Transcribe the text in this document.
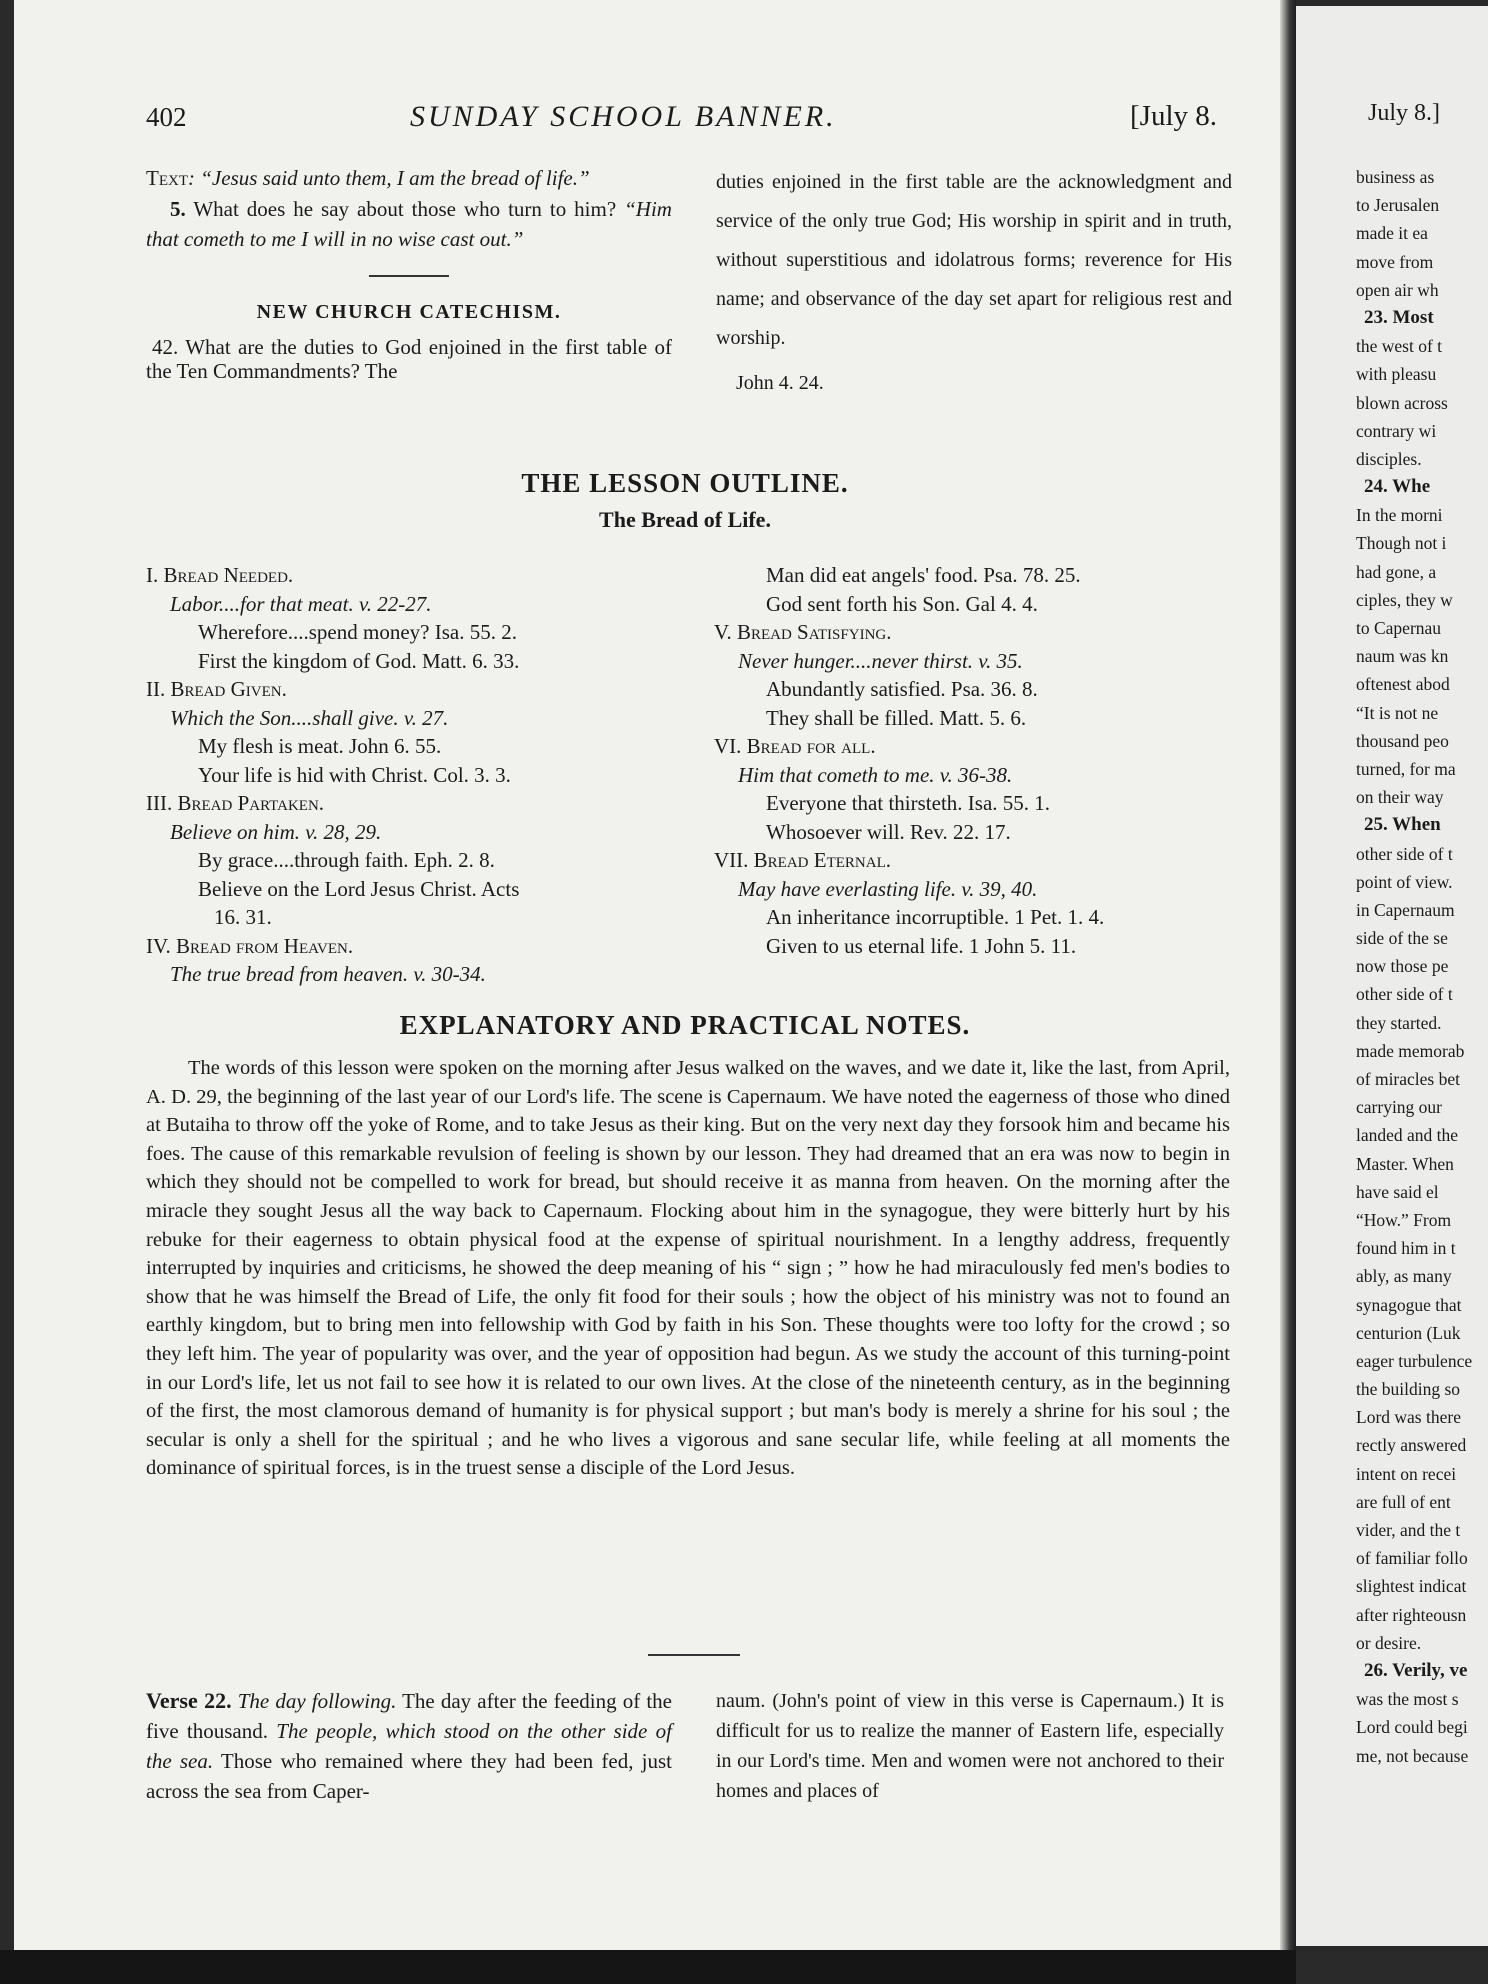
402	SUNDAY SCHOOL BANNER.	[July 8.
Text: “Jesus said unto them, I am the bread of life.”
5. What does he say about those who turn to him? “Him that cometh to me I will in no wise cast out.”
NEW CHURCH CATECHISM.
42. What are the duties to God enjoined in the first table of the Ten Commandments? The
duties enjoined in the first table are the acknowledgment and service of the only true God; His worship in spirit and in truth, without superstitious and idolatrous forms; reverence for His name; and observance of the day set apart for religious rest and worship.
John 4. 24.
THE LESSON OUTLINE.
The Bread of Life.
I. Bread Needed.
Labor....for that meat. v. 22-27.
Wherefore....spend money? Isa. 55. 2.
First the kingdom of God. Matt. 6. 33.
II. Bread Given.
Which the Son....shall give. v. 27.
My flesh is meat. John 6. 55.
Your life is hid with Christ. Col. 3. 3.
III. Bread Partaken.
Believe on him. v. 28, 29.
By grace....through faith. Eph. 2. 8.
Believe on the Lord Jesus Christ. Acts
16. 31.
IV. Bread from Heaven.
The true bread from heaven. v. 30-34.
Man did eat angels' food. Psa. 78. 25.
God sent forth his Son. Gal 4. 4.
V. Bread Satisfying.
Never hunger....never thirst. v. 35.
Abundantly satisfied. Psa. 36. 8.
They shall be filled. Matt. 5. 6.
VI. Bread for all.
Him that cometh to me. v. 36-38.
Everyone that thirsteth. Isa. 55. 1.
Whosoever will. Rev. 22. 17.
VII. Bread Eternal.
May have everlasting life. v. 39, 40.
An inheritance incorruptible. 1 Pet. 1. 4.
Given to us eternal life. 1 John 5. 11.
EXPLANATORY AND PRACTICAL NOTES.
The words of this lesson were spoken on the morning after Jesus walked on the waves, and we date it, like the last, from April, A. D. 29, the beginning of the last year of our Lord's life. The scene is Capernaum. We have noted the eagerness of those who dined at Butaiha to throw off the yoke of Rome, and to take Jesus as their king. But on the very next day they forsook him and became his foes. The cause of this remarkable revulsion of feeling is shown by our lesson. They had dreamed that an era was now to begin in which they should not be compelled to work for bread, but should receive it as manna from heaven. On the morning after the miracle they sought Jesus all the way back to Capernaum. Flocking about him in the synagogue, they were bitterly hurt by his rebuke for their eagerness to obtain physical food at the expense of spiritual nourishment. In a lengthy address, frequently interrupted by inquiries and criticisms, he showed the deep meaning of his “ sign ; ” how he had miraculously fed men's bodies to show that he was himself the Bread of Life, the only fit food for their souls ; how the object of his ministry was not to found an earthly kingdom, but to bring men into fellowship with God by faith in his Son. These thoughts were too lofty for the crowd ; so they left him. The year of popularity was over, and the year of opposition had begun. As we study the account of this turning-point in our Lord's life, let us not fail to see how it is related to our own lives. At the close of the nineteenth century, as in the beginning of the first, the most clamorous demand of humanity is for physical support ; but man's body is merely a shrine for his soul ; the secular is only a shell for the spiritual ; and he who lives a vigorous and sane secular life, while feeling at all moments the dominance of spiritual forces, is in the truest sense a disciple of the Lord Jesus.
Verse 22. The day following. The day after the feeding of the five thousand. The people, which stood on the other side of the sea. Those who remained where they had been fed, just across the sea from Caper-
naum. (John's point of view in this verse is Capernaum.) It is difficult for us to realize the manner of Eastern life, especially in our Lord's time. Men and women were not anchored to their homes and places of
July 8.]
business as
to Jerusalen
made it ea
move from
open air wh
23. Most
the west of t
with pleasu
blown across
contrary wi
disciples.
24. Whe
In the morni
Though not i
had gone, a
ciples, they w
to Capernau
naum was kn
oftenest abod
“It is not ne
thousand peo
turned, for ma
on their way
25. When
other side of t
point of view.
in Capernaum
side of the se
now those pe
other side of t
they started.
made memorab
of miracles bet
carrying our
landed and the
Master. When
have said el
“How.” From
found him in t
ably, as many
synagogue that
centurion (Luk
eager turbulence
the building so
Lord was there
rectly answered
intent on recei
are full of ent
vider, and the t
of familiar follo
slightest indicat
after righteousn
or desire.
26. Verily, ve
was the most s
Lord could begi
me, not because
